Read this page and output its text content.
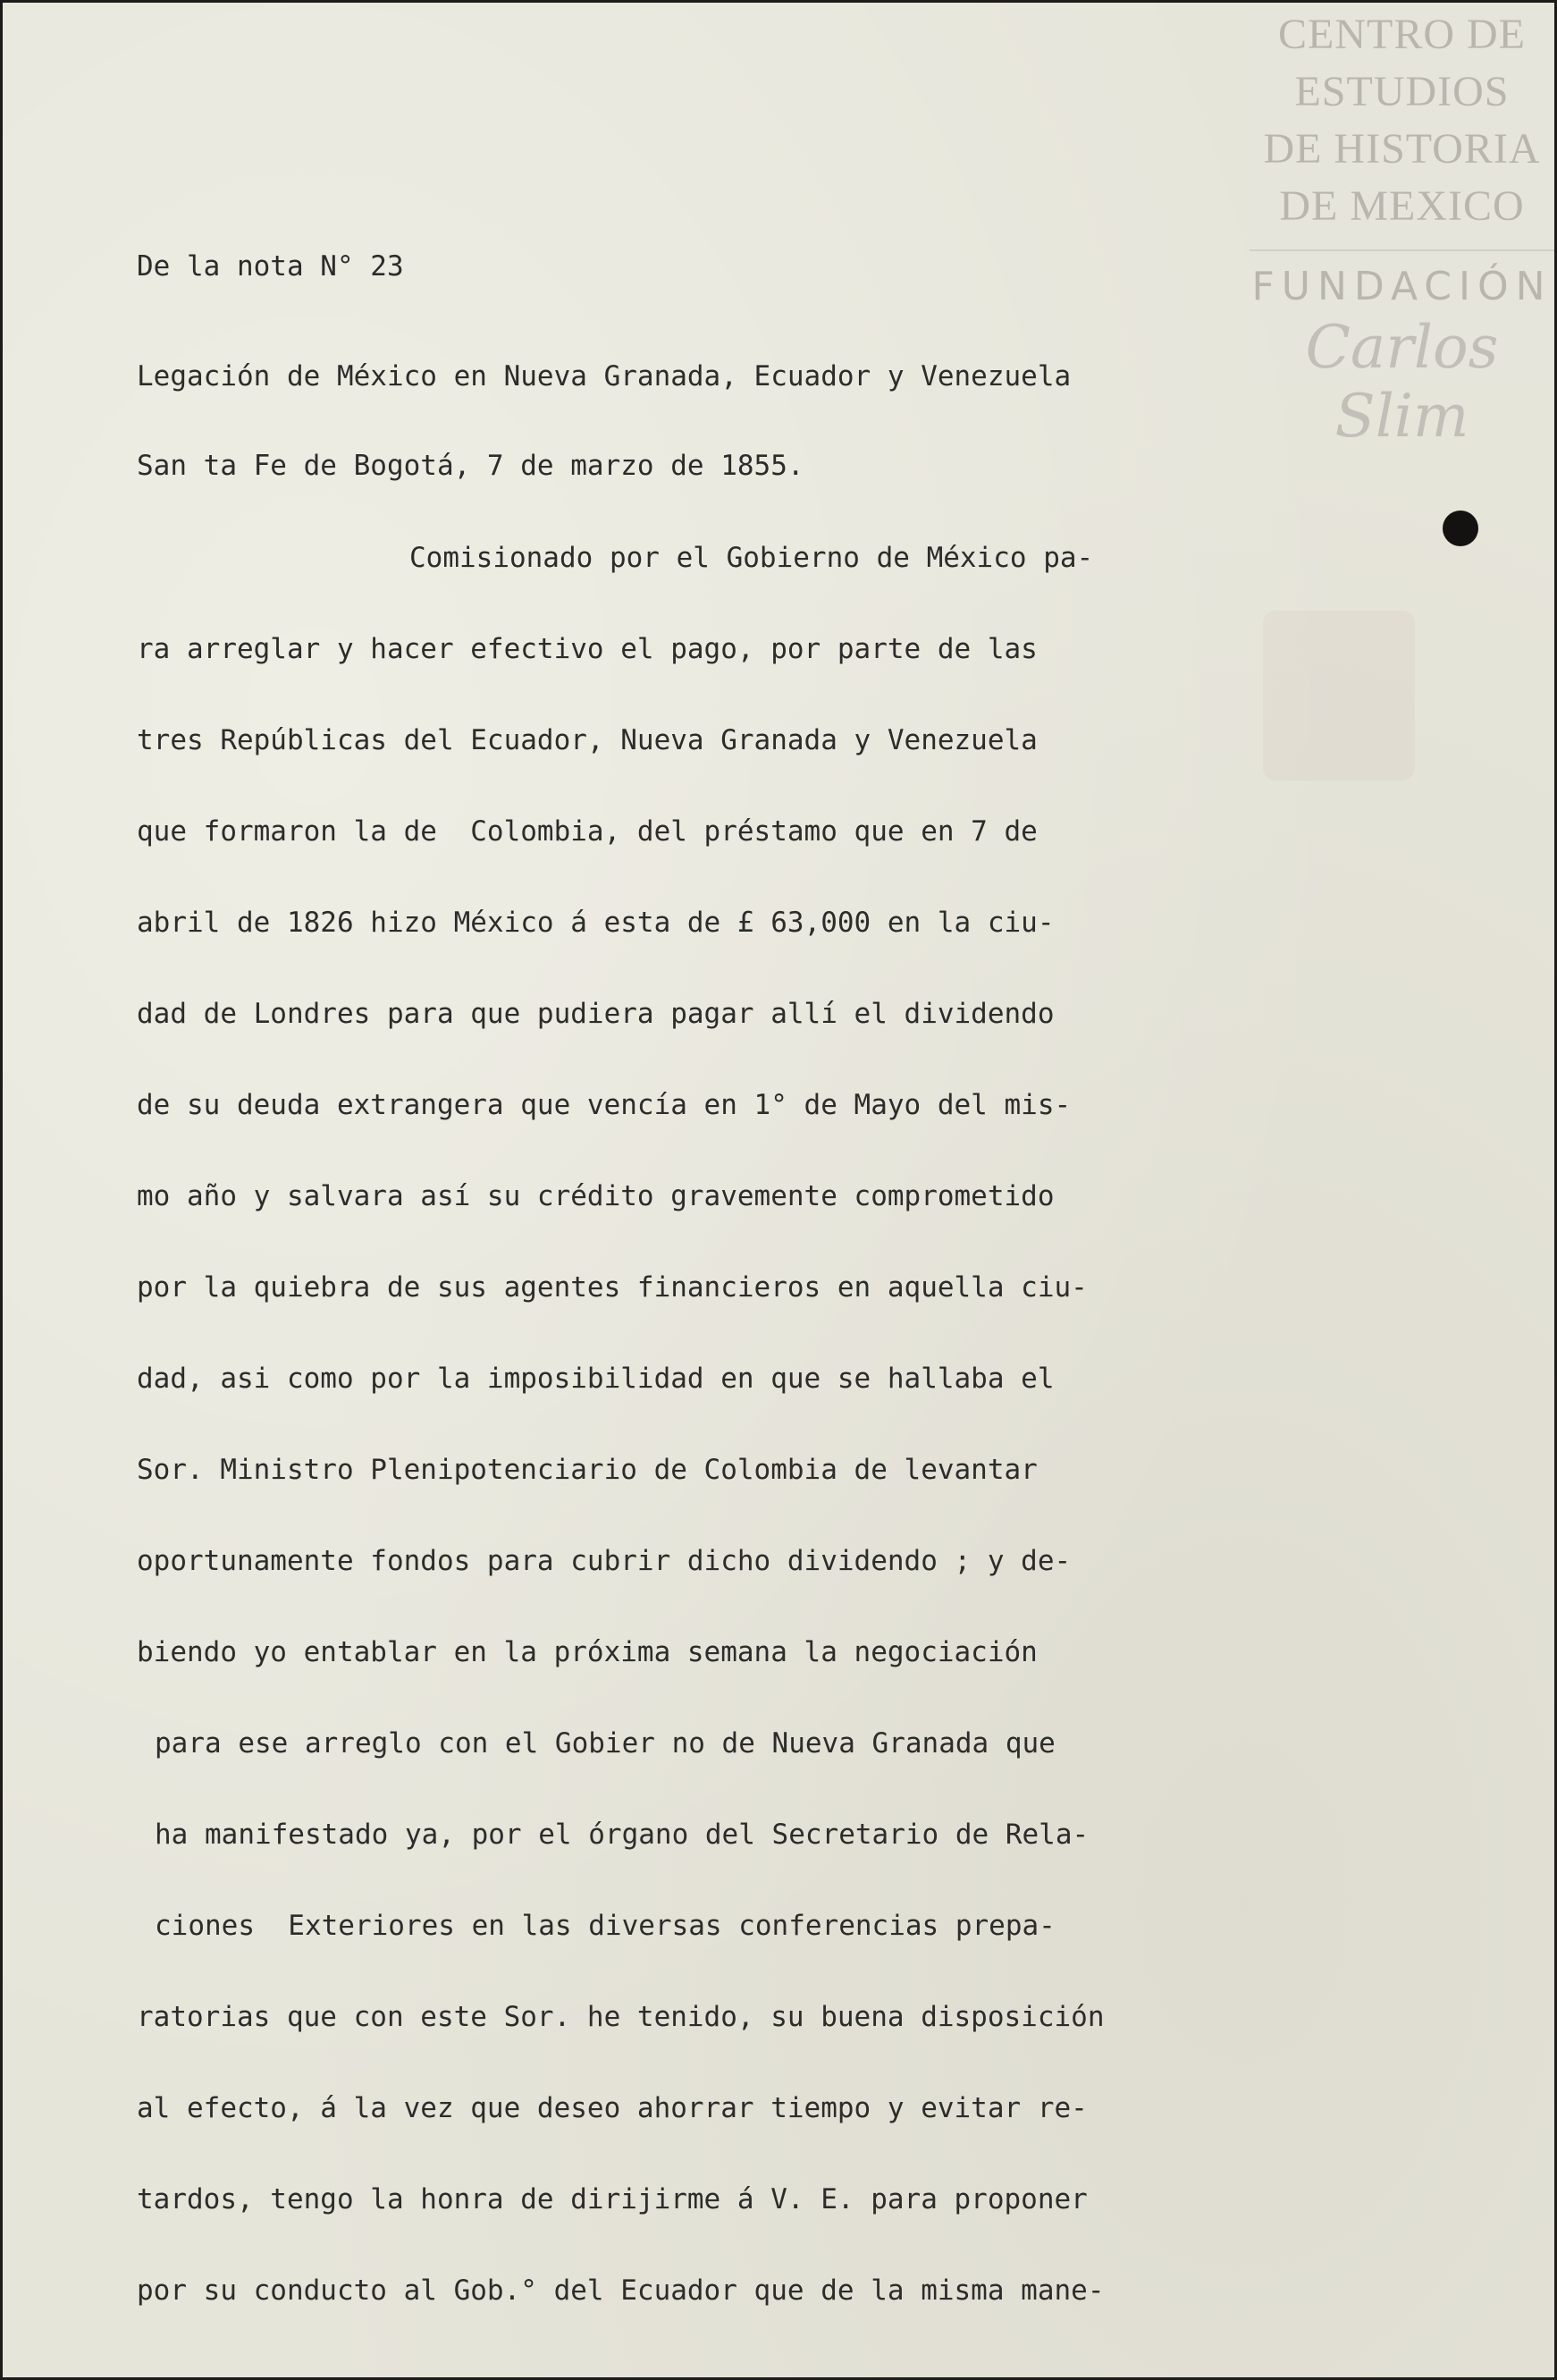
CENTRO DE
ESTUDIOS
DE HISTORIA
DE MEXICO
FUNDACIÓN
Carlos Slim
De la nota N° 23
Legación de México en Nueva Granada, Ecuador y Venezuela
San ta Fe de Bogotá, 7 de marzo de 1855.
Comisionado por el Gobierno de México pa-
ra arreglar y hacer efectivo el pago, por parte de las
tres Repúblicas del Ecuador, Nueva Granada y Venezuela
que formaron la de  Colombia, del préstamo que en 7 de
abril de 1826 hizo México á esta de £ 63,000 en la ciu-
dad de Londres para que pudiera pagar allí el dividendo
de su deuda extrangera que vencía en 1° de Mayo del mis-
mo año y salvara así su crédito gravemente comprometido
por la quiebra de sus agentes financieros en aquella ciu-
dad, asi como por la imposibilidad en que se hallaba el
Sor. Ministro Plenipotenciario de Colombia de levantar
oportunamente fondos para cubrir dicho dividendo ; y de-
biendo yo entablar en la próxima semana la negociación
para ese arreglo con el Gobier no de Nueva Granada que
ha manifestado ya, por el órgano del Secretario de Rela-
ciones  Exteriores en las diversas conferencias prepa-
ratorias que con este Sor. he tenido, su buena disposición
al efecto, á la vez que deseo ahorrar tiempo y evitar re-
tardos, tengo la honra de dirijirme á V. E. para proponer
por su conducto al Gob.° del Ecuador que de la misma mane-
